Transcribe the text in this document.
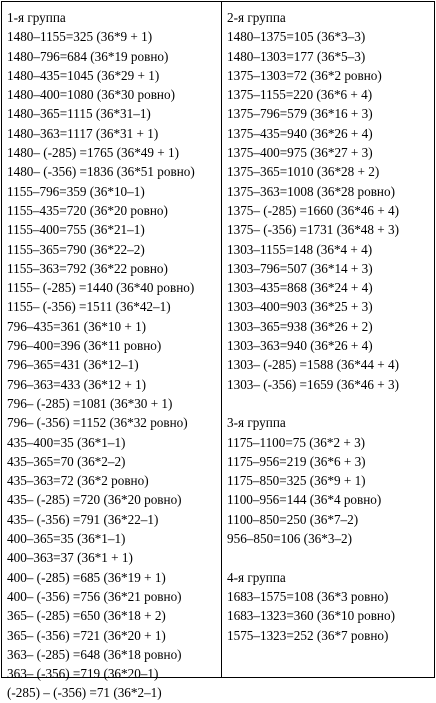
1-я группа
1480–1155=325 (36*9 + 1)
1480–796=684 (36*19 ровно)
1480–435=1045 (36*29 + 1)
1480–400=1080 (36*30 ровно)
1480–365=1115 (36*31–1)
1480–363=1117 (36*31 + 1)
1480– (-285) =1765 (36*49 + 1)
1480– (-356) =1836 (36*51 ровно)
1155–796=359 (36*10–1)
1155–435=720 (36*20 ровно)
1155–400=755 (36*21–1)
1155–365=790 (36*22–2)
1155–363=792 (36*22 ровно)
1155– (-285) =1440 (36*40 ровно)
1155– (-356) =1511 (36*42–1)
796–435=361 (36*10 + 1)
796–400=396 (36*11 ровно)
796–365=431 (36*12–1)
796–363=433 (36*12 + 1)
796– (-285) =1081 (36*30 + 1)
796– (-356) =1152 (36*32 ровно)
435–400=35 (36*1–1)
435–365=70 (36*2–2)
435–363=72 (36*2 ровно)
435– (-285) =720 (36*20 ровно)
435– (-356) =791 (36*22–1)
400–365=35 (36*1–1)
400–363=37 (36*1 + 1)
400– (-285) =685 (36*19 + 1)
400– (-356) =756 (36*21 ровно)
365– (-285) =650 (36*18 + 2)
365– (-356) =721 (36*20 + 1)
363– (-285) =648 (36*18 ровно)
363– (-356) =719 (36*20–1)
(-285) – (-356) =71 (36*2–1)
2-я группа
1480–1375=105 (36*3–3)
1480–1303=177 (36*5–3)
1375–1303=72 (36*2 ровно)
1375–1155=220 (36*6 + 4)
1375–796=579 (36*16 + 3)
1375–435=940 (36*26 + 4)
1375–400=975 (36*27 + 3)
1375–365=1010 (36*28 + 2)
1375–363=1008 (36*28 ровно)
1375– (-285) =1660 (36*46 + 4)
1375– (-356) =1731 (36*48 + 3)
1303–1155=148 (36*4 + 4)
1303–796=507 (36*14 + 3)
1303–435=868 (36*24 + 4)
1303–400=903 (36*25 + 3)
1303–365=938 (36*26 + 2)
1303–363=940 (36*26 + 4)
1303– (-285) =1588 (36*44 + 4)
1303– (-356) =1659 (36*46 + 3)
3-я группа
1175–1100=75 (36*2 + 3)
1175–956=219 (36*6 + 3)
1175–850=325 (36*9 + 1)
1100–956=144 (36*4 ровно)
1100–850=250 (36*7–2)
956–850=106 (36*3–2)
4-я группа
1683–1575=108 (36*3 ровно)
1683–1323=360 (36*10 ровно)
1575–1323=252 (36*7 ровно)
